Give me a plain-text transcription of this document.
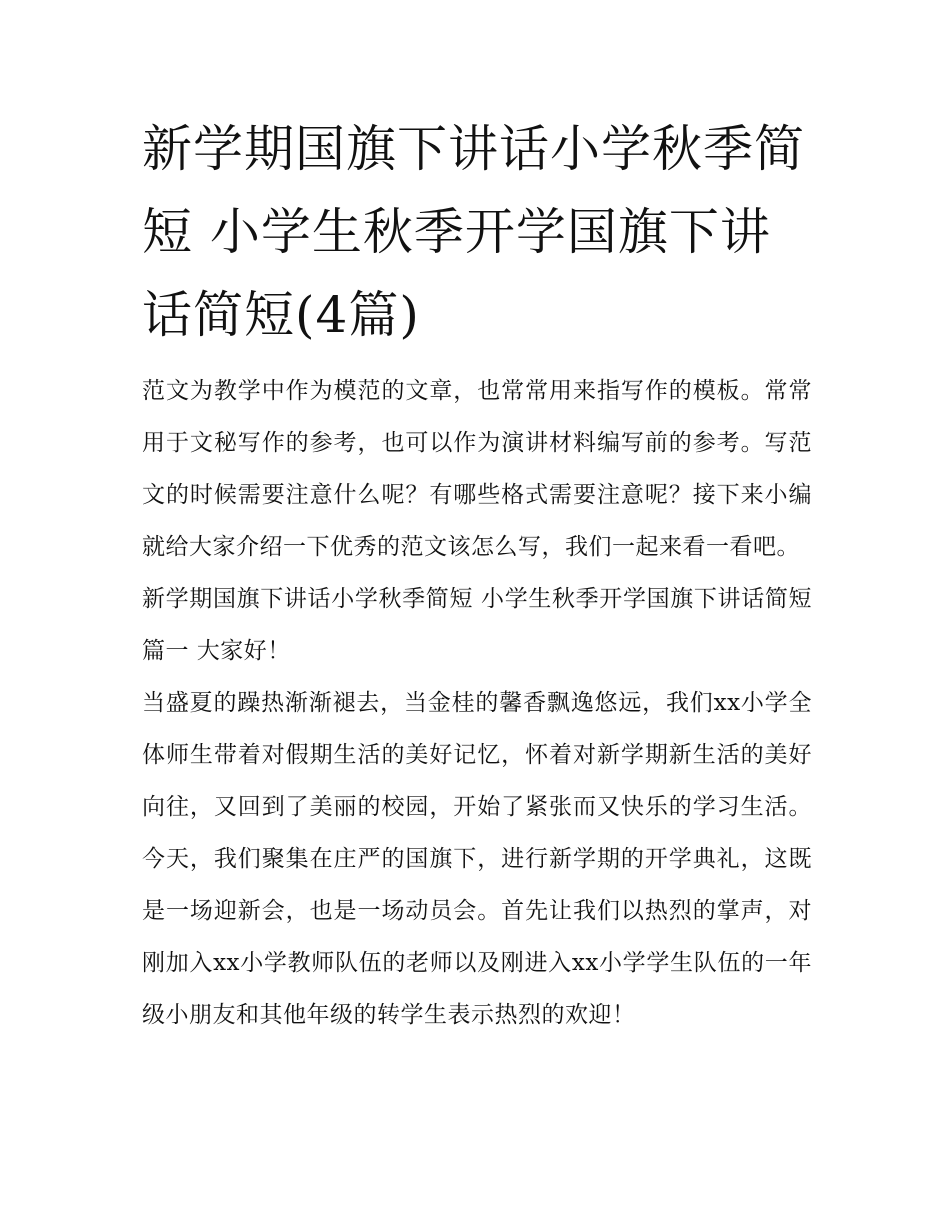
新学期国旗下讲话小学秋季简短 小学生秋季开学国旗下讲话简短(4篇)

范文为教学中作为模范的文章，也常常用来指写作的模板。常常用于文秘写作的参考，也可以作为演讲材料编写前的参考。写范文的时候需要注意什么呢？有哪些格式需要注意呢？接下来小编就给大家介绍一下优秀的范文该怎么写，我们一起来看一看吧。

新学期国旗下讲话小学秋季简短 小学生秋季开学国旗下讲话简短篇一 大家好！

当盛夏的躁热渐渐褪去，当金桂的馨香飘逸悠远，我们xx小学全体师生带着对假期生活的美好记忆，怀着对新学期新生活的美好向往，又回到了美丽的校园，开始了紧张而又快乐的学习生活。今天，我们聚集在庄严的国旗下，进行新学期的开学典礼，这既是一场迎新会，也是一场动员会。首先让我们以热烈的掌声，对刚加入xx小学教师队伍的老师以及刚进入xx小学学生队伍的一年级小朋友和其他年级的转学生表示热烈的欢迎！
